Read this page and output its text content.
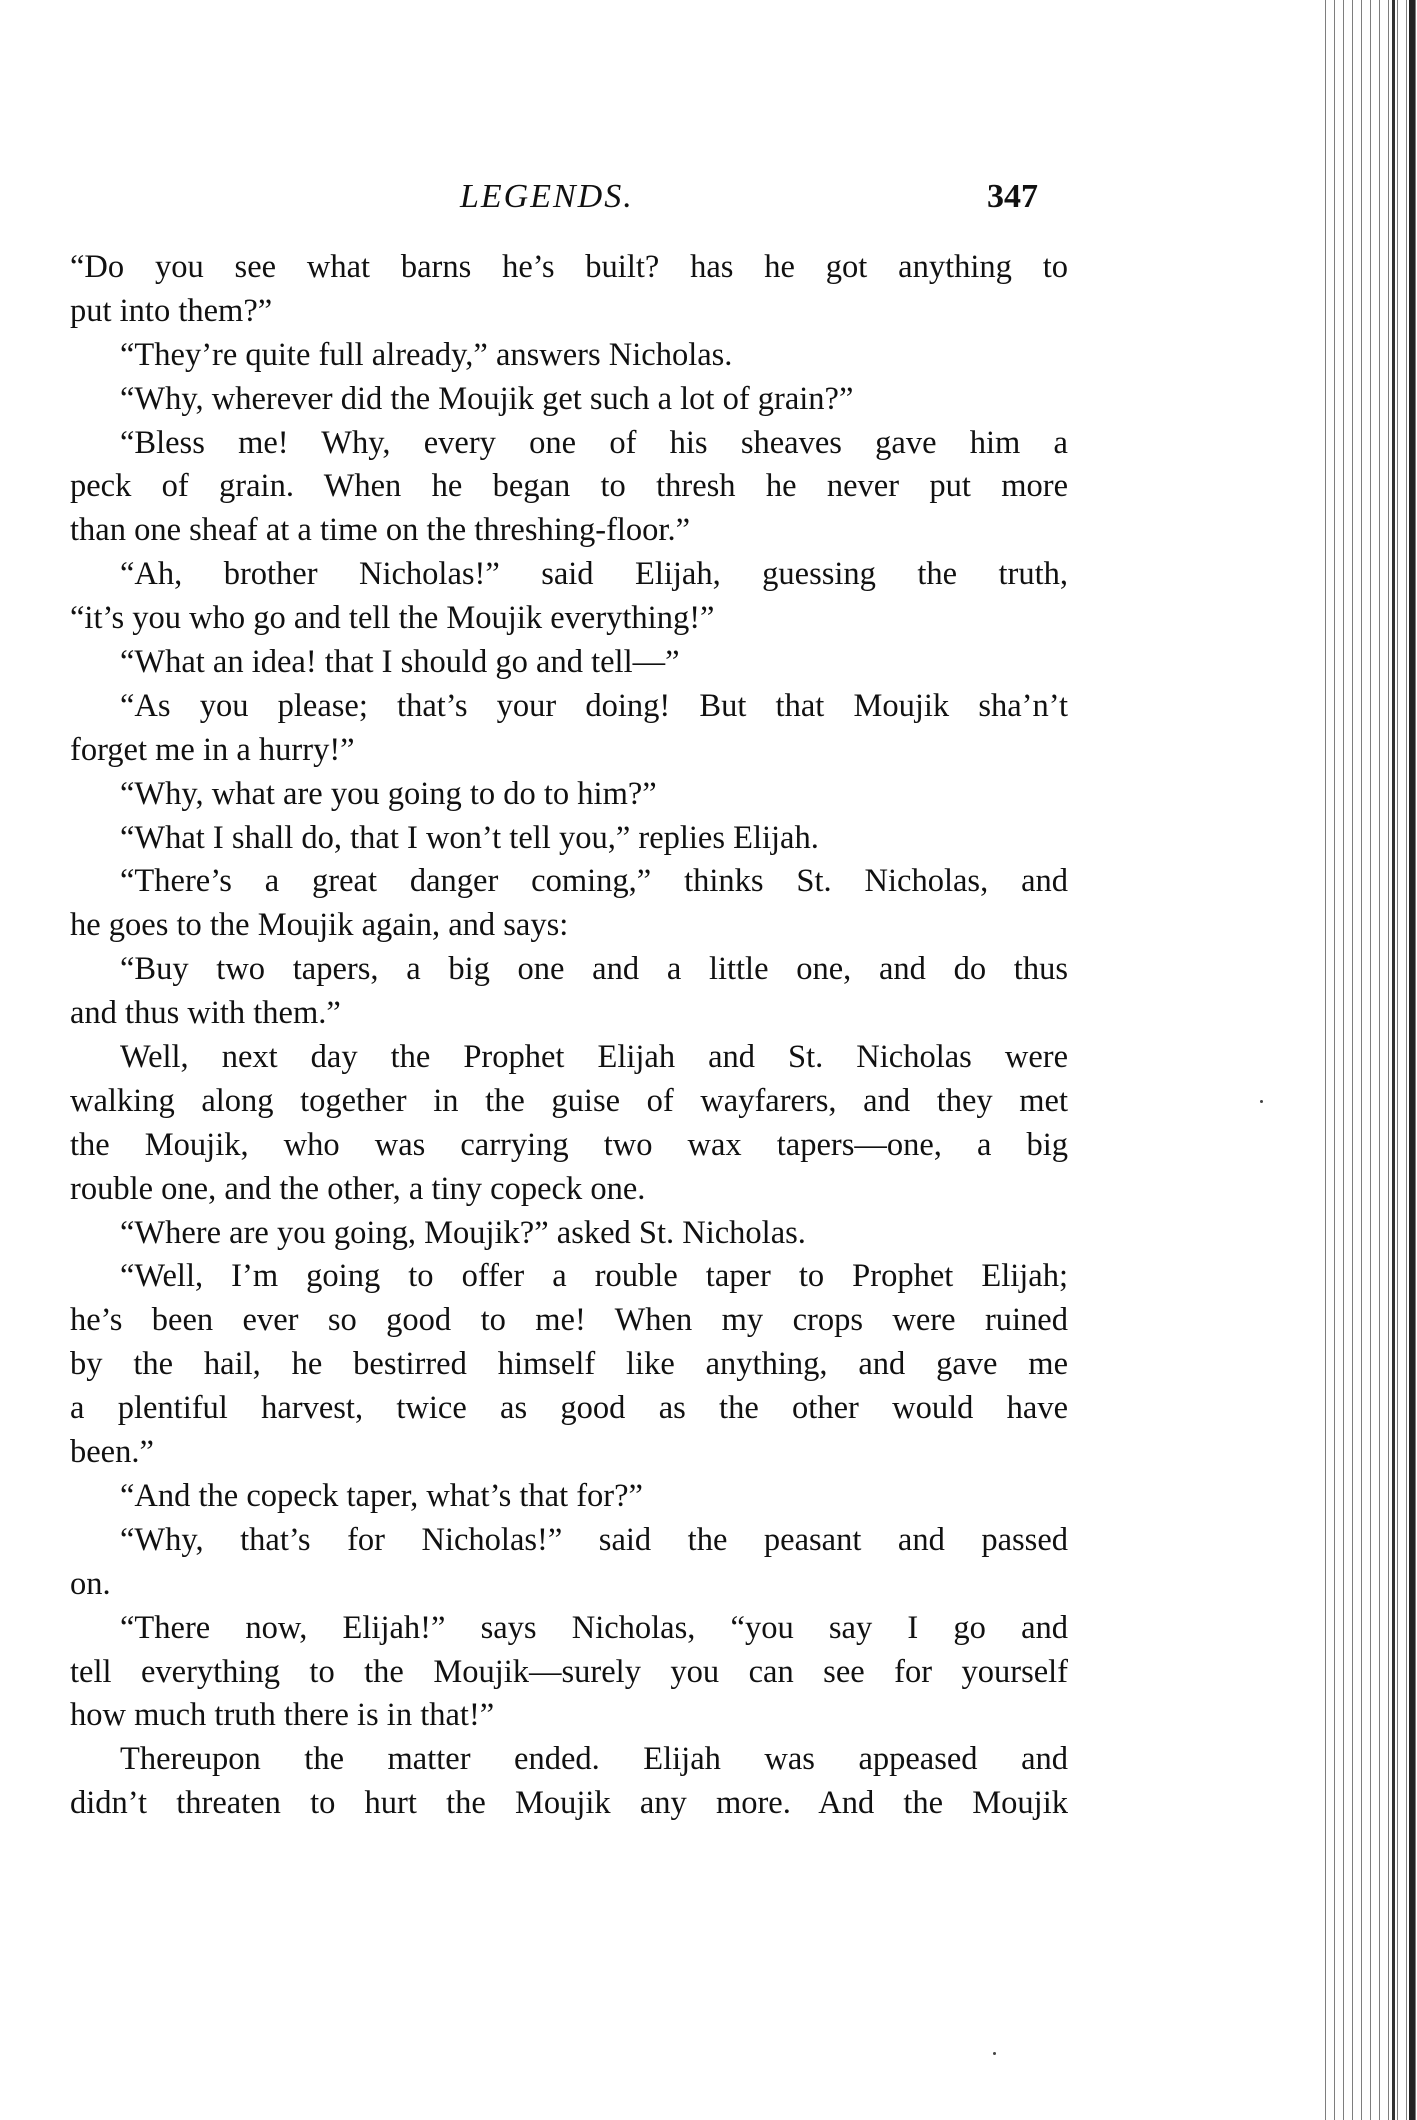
LEGENDS.	347
“Do you see what barns he’s built? has he got anything to
put into them?”
“They’re quite full already,” answers Nicholas.
“Why, wherever did the Moujik get such a lot of grain?”
“Bless me! Why, every one of his sheaves gave him a
peck of grain. When he began to thresh he never put more
than one sheaf at a time on the threshing-floor.”
“Ah, brother Nicholas!” said Elijah, guessing the truth,
“it’s you who go and tell the Moujik everything!”
“What an idea! that I should go and tell—”
“As you please; that’s your doing! But that Moujik sha’n’t
forget me in a hurry!”
“Why, what are you going to do to him?”
“What I shall do, that I won’t tell you,” replies Elijah.
“There’s a great danger coming,” thinks St. Nicholas, and
he goes to the Moujik again, and says:
“Buy two tapers, a big one and a little one, and do thus
and thus with them.”
Well, next day the Prophet Elijah and St. Nicholas were
walking along together in the guise of wayfarers, and they met
the Moujik, who was carrying two wax tapers—one, a big
rouble one, and the other, a tiny copeck one.
“Where are you going, Moujik?” asked St. Nicholas.
“Well, I’m going to offer a rouble taper to Prophet Elijah;
he’s been ever so good to me! When my crops were ruined
by the hail, he bestirred himself like anything, and gave me
a plentiful harvest, twice as good as the other would have
been.”
“And the copeck taper, what’s that for?”
“Why, that’s for Nicholas!” said the peasant and passed
on.
“There now, Elijah!” says Nicholas, “you say I go and
tell everything to the Moujik—surely you can see for yourself
how much truth there is in that!”
Thereupon the matter ended. Elijah was appeased and
didn’t threaten to hurt the Moujik any more. And the Moujik
